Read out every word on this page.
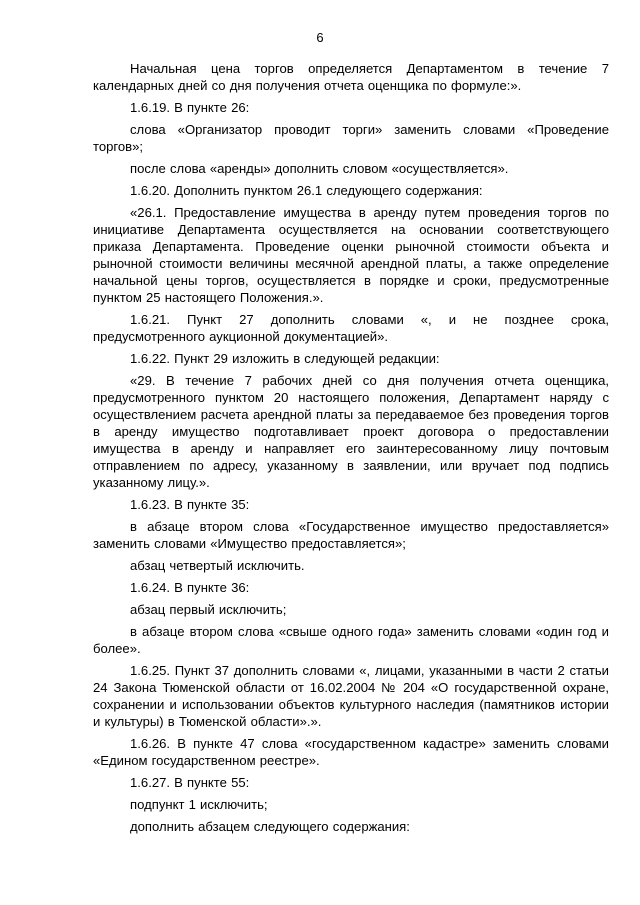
6

Начальная цена торгов определяется Департаментом в течение 7 календарных дней со дня получения отчета оценщика по формуле:».

1.6.19. В пункте 26:

слова «Организатор проводит торги» заменить словами «Проведение торгов»;

после слова «аренды» дополнить словом «осуществляется».

1.6.20. Дополнить пунктом 26.1 следующего содержания:

«26.1. Предоставление имущества в аренду путем проведения торгов по инициативе Департамента осуществляется на основании соответствующего приказа Департамента. Проведение оценки рыночной стоимости объекта и рыночной стоимости величины месячной арендной платы, а также определение начальной цены торгов, осуществляется в порядке и сроки, предусмотренные пунктом 25 настоящего Положения.».

1.6.21. Пункт 27 дополнить словами «, и не позднее срока, предусмотренного аукционной документацией».

1.6.22. Пункт 29 изложить в следующей редакции:

«29. В течение 7 рабочих дней со дня получения отчета оценщика, предусмотренного пунктом 20 настоящего положения, Департамент наряду с осуществлением расчета арендной платы за передаваемое без проведения торгов в аренду имущество подготавливает проект договора о предоставлении имущества в аренду и направляет его заинтересованному лицу почтовым отправлением по адресу, указанному в заявлении, или вручает под подпись указанному лицу.».

1.6.23. В пункте 35:

в абзаце втором слова «Государственное имущество предоставляется» заменить словами «Имущество предоставляется»;

абзац четвертый исключить.

1.6.24. В пункте 36:

абзац первый исключить;

в абзаце втором слова «свыше одного года» заменить словами «один год и более».

1.6.25. Пункт 37 дополнить словами «, лицами, указанными в части 2 статьи 24 Закона Тюменской области от 16.02.2004 № 204 «О государственной охране, сохранении и использовании объектов культурного наследия (памятников истории и культуры) в Тюменской области».».

1.6.26. В пункте 47 слова «государственном кадастре» заменить словами «Едином государственном реестре».

1.6.27. В пункте 55:

подпункт 1 исключить;

дополнить абзацем следующего содержания:
